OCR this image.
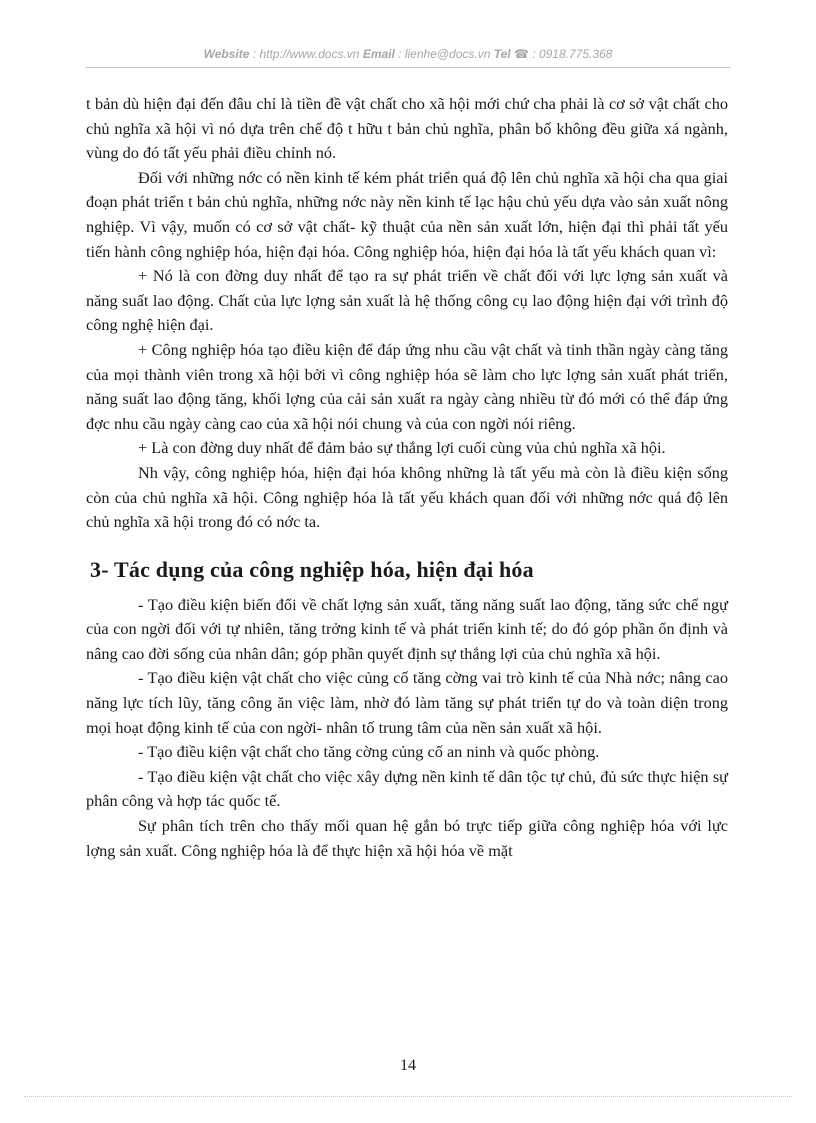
Website : http://www.docs.vn Email : lienhe@docs.vn Tel ☎ : 0918.775.368

t bản dù hiện đại đến đâu chỉ là tiền đề vật chất cho xã hội mới chứ cha phải là cơ sở vật chất cho chủ nghĩa xã hội vì nó dựa trên chế độ t hữu t bản chủ nghĩa, phân bố không đều giữa xá ngành, vùng do đó tất yếu phải điều chỉnh nó.

Đối với những nớc có nền kinh tế kém phát triển quá độ lên chủ nghĩa xã hội cha qua giai đoạn phát triển t bản chủ nghĩa, những nớc này nền kinh tế lạc hậu chủ yếu dựa vào sản xuất nông nghiệp. Vì vậy, muốn có cơ sở vật chất- kỹ thuật của nền sản xuất lớn, hiện đại thì phải tất yếu tiến hành công nghiệp hóa, hiện đại hóa. Công nghiệp hóa, hiện đại hóa là tất yếu khách quan vì:

+ Nó là con đờng duy nhất để tạo ra sự phát triển về chất đối với lực lợng sản xuất và năng suất lao động. Chất của lực lợng sản xuất là hệ thống công cụ lao động hiện đại với trình độ công nghệ hiện đại.

+ Công nghiệp hóa tạo điều kiện để đáp ứng nhu cầu vật chất và tinh thần ngày càng tăng của mọi thành viên trong xã hội bởi vì công nghiệp hóa sẽ làm cho lực lợng sản xuất phát triển, năng suất lao động tăng, khối lợng của cải sản xuất ra ngày càng nhiều từ đó mới có thể đáp ứng đợc nhu cầu ngày càng cao của xã hội nói chung và của con ngời nói riêng.

+ Là con đờng duy nhất để đảm bảo sự thắng lợi cuối cùng vủa chủ nghĩa xã hội.

Nh vậy, công nghiệp hóa, hiện đại hóa không những là tất yếu mà còn là điều kiện sống còn của chủ nghĩa xã hội. Công nghiệp hóa là tất yếu khách quan đối với những nớc quá độ lên chủ nghĩa xã hội trong đó có nớc ta.

3- Tác dụng của công nghiệp hóa, hiện đại hóa

- Tạo điều kiện biến đổi về chất lợng sản xuất, tăng năng suất lao động, tăng sức chế ngự của con ngời đối với tự nhiên, tăng trởng kinh tế và phát triển kinh tế; do đó góp phần ổn định và nâng cao đời sống của nhân dân; góp phần quyết định sự thắng lợi của chủ nghĩa xã hội.

- Tạo điều kiện vật chất cho việc củng cố tăng cờng vai trò kinh tế của Nhà nớc; nâng cao năng lực tích lũy, tăng công ăn việc làm, nhờ đó làm tăng sự phát triển tự do và toàn diện trong mọi hoạt động kinh tế của con ngời- nhân tố trung tâm của nền sản xuất xã hội.

- Tạo điều kiện vật chất cho tăng cờng củng cố an ninh và quốc phòng.

- Tạo điều kiện vật chất cho việc xây dựng nền kinh tế dân tộc tự chủ, đủ sức thực hiện sự phân công và hợp tác quốc tế.

Sự phân tích trên cho thấy mối quan hệ gắn bó trực tiếp giữa công nghiệp hóa với lực lợng sản xuất. Công nghiệp hóa là để thực hiện xã hội hóa về mặt

14
